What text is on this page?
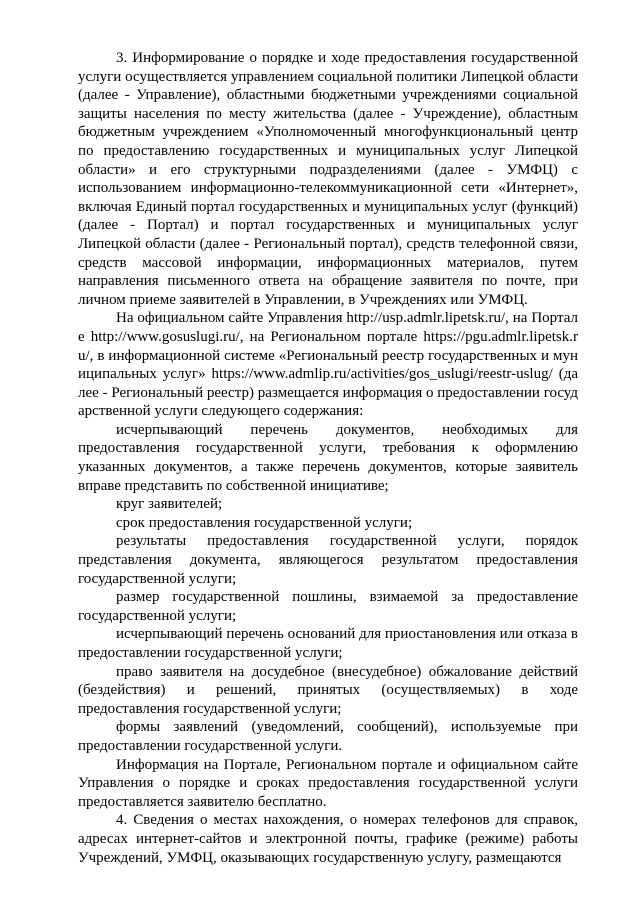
3. Информирование о порядке и ходе предоставления государственной услуги осуществляется управлением социальной политики Липецкой области (далее - Управление), областными бюджетными учреждениями социальной защиты населения по месту жительства (далее - Учреждение), областным бюджетным учреждением «Уполномоченный многофункциональный центр по предоставлению государственных и муниципальных услуг Липецкой области» и его структурными подразделениями (далее - УМФЦ) с использованием информационно-телекоммуникационной сети «Интернет», включая Единый портал государственных и муниципальных услуг (функций) (далее - Портал) и портал государственных и муниципальных услуг Липецкой области (далее - Региональный портал), средств телефонной связи, средств массовой информации, информационных материалов, путем направления письменного ответа на обращение заявителя по почте, при личном приеме заявителей в Управлении, в Учреждениях или УМФЦ.

На официальном сайте Управления http://usp.admlr.lipetsk.ru/, на Портале http://www.gosuslugi.ru/, на Региональном портале https://pgu.admlr.lipetsk.ru/, в информационной системе «Региональный реестр государственных и муниципальных услуг» https://www.admlip.ru/activities/gos_uslugi/reestr-uslug/ (далее - Региональный реестр) размещается информация о предоставлении государственной услуги следующего содержания:

исчерпывающий перечень документов, необходимых для предоставления государственной услуги, требования к оформлению указанных документов, а также перечень документов, которые заявитель вправе представить по собственной инициативе;

круг заявителей;

срок предоставления государственной услуги;

результаты предоставления государственной услуги, порядок представления документа, являющегося результатом предоставления государственной услуги;

размер государственной пошлины, взимаемой за предоставление государственной услуги;

исчерпывающий перечень оснований для приостановления или отказа в предоставлении государственной услуги;

право заявителя на досудебное (внесудебное) обжалование действий (бездействия) и решений, принятых (осуществляемых) в ходе предоставления государственной услуги;

формы заявлений (уведомлений, сообщений), используемые при предоставлении государственной услуги.

Информация на Портале, Региональном портале и официальном сайте Управления о порядке и сроках предоставления государственной услуги предоставляется заявителю бесплатно.

4. Сведения о местах нахождения, о номерах телефонов для справок, адресах интернет-сайтов и электронной почты, графике (режиме) работы Учреждений, УМФЦ, оказывающих государственную услугу, размещаются
